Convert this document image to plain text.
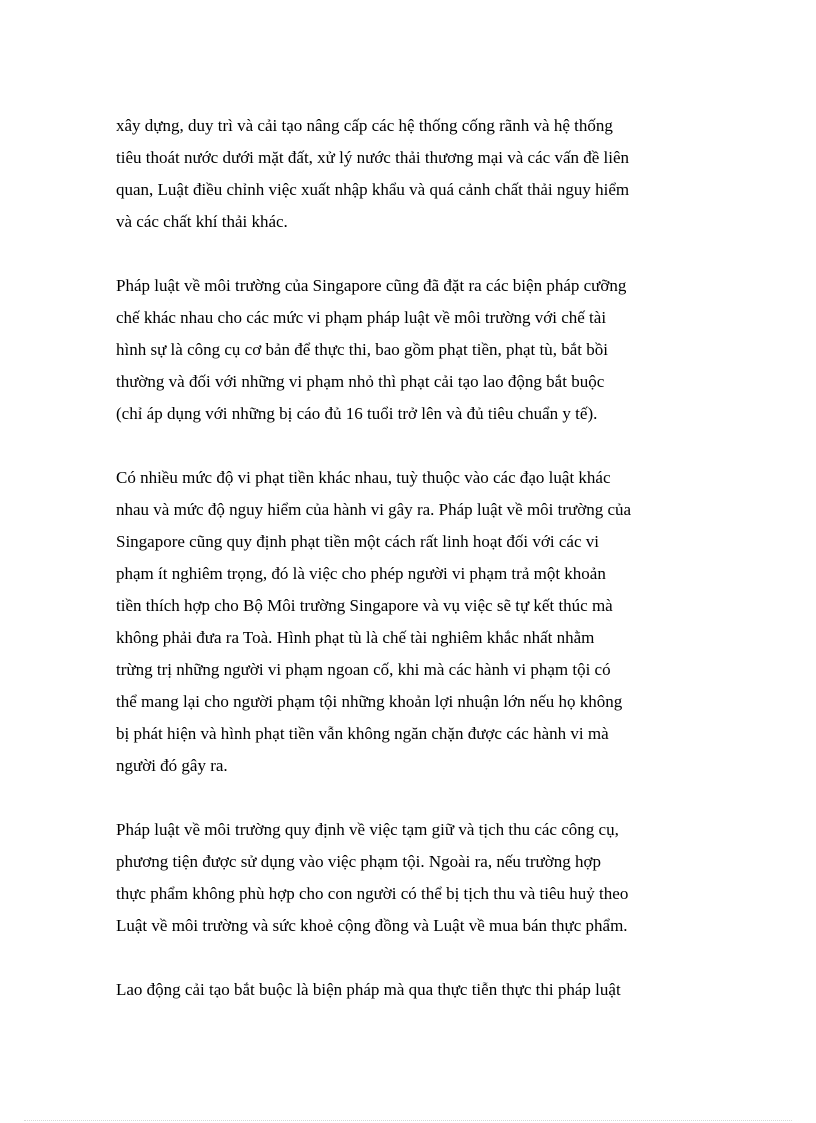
xây dựng, duy trì và cải tạo nâng cấp các hệ thống cống rãnh và hệ thống
tiêu thoát nước dưới mặt đất, xử lý nước thải thương mại và các vấn đề liên
quan, Luật điều chỉnh việc xuất nhập khẩu và quá cảnh chất thải nguy hiểm
và các chất khí thải khác.

Pháp luật về môi trường của Singapore cũng đã đặt ra các biện pháp cưỡng
chế khác nhau cho các mức vi phạm pháp luật về môi trường với chế tài
hình sự là công cụ cơ bản để thực thi, bao gồm phạt tiền, phạt tù, bắt bồi
thường và đối với những vi phạm nhỏ thì phạt cải tạo lao động bắt buộc
(chỉ áp dụng với những bị cáo đủ 16 tuổi trở lên và đủ tiêu chuẩn y tế).

Có nhiều mức độ vi phạt tiền khác nhau, tuỳ thuộc vào các đạo luật khác
nhau và mức độ nguy hiểm của hành vi gây ra. Pháp luật về môi trường của
Singapore cũng quy định phạt tiền một cách rất linh hoạt đối với các vi
phạm ít nghiêm trọng, đó là việc cho phép người vi phạm trả một khoản
tiền thích hợp cho Bộ Môi trường Singapore và vụ việc sẽ tự kết thúc mà
không phải đưa ra Toà. Hình phạt tù là chế tài nghiêm khắc nhất nhằm
trừng trị những người vi phạm ngoan cố, khi mà các hành vi phạm tội có
thể mang lại cho người phạm tội những khoản lợi nhuận lớn nếu họ không
bị phát hiện và hình phạt tiền vẫn không ngăn chặn được các hành vi mà
người đó gây ra.

Pháp luật về môi trường quy định về việc tạm giữ và tịch thu các công cụ,
phương tiện được sử dụng vào việc phạm tội. Ngoài ra, nếu trường hợp
thực phẩm không phù hợp cho con người có thể bị tịch thu và tiêu huỷ theo
Luật về môi trường và sức khoẻ cộng đồng và Luật về mua bán thực phẩm.

Lao động cải tạo bắt buộc là biện pháp mà qua thực tiễn thực thi pháp luật
